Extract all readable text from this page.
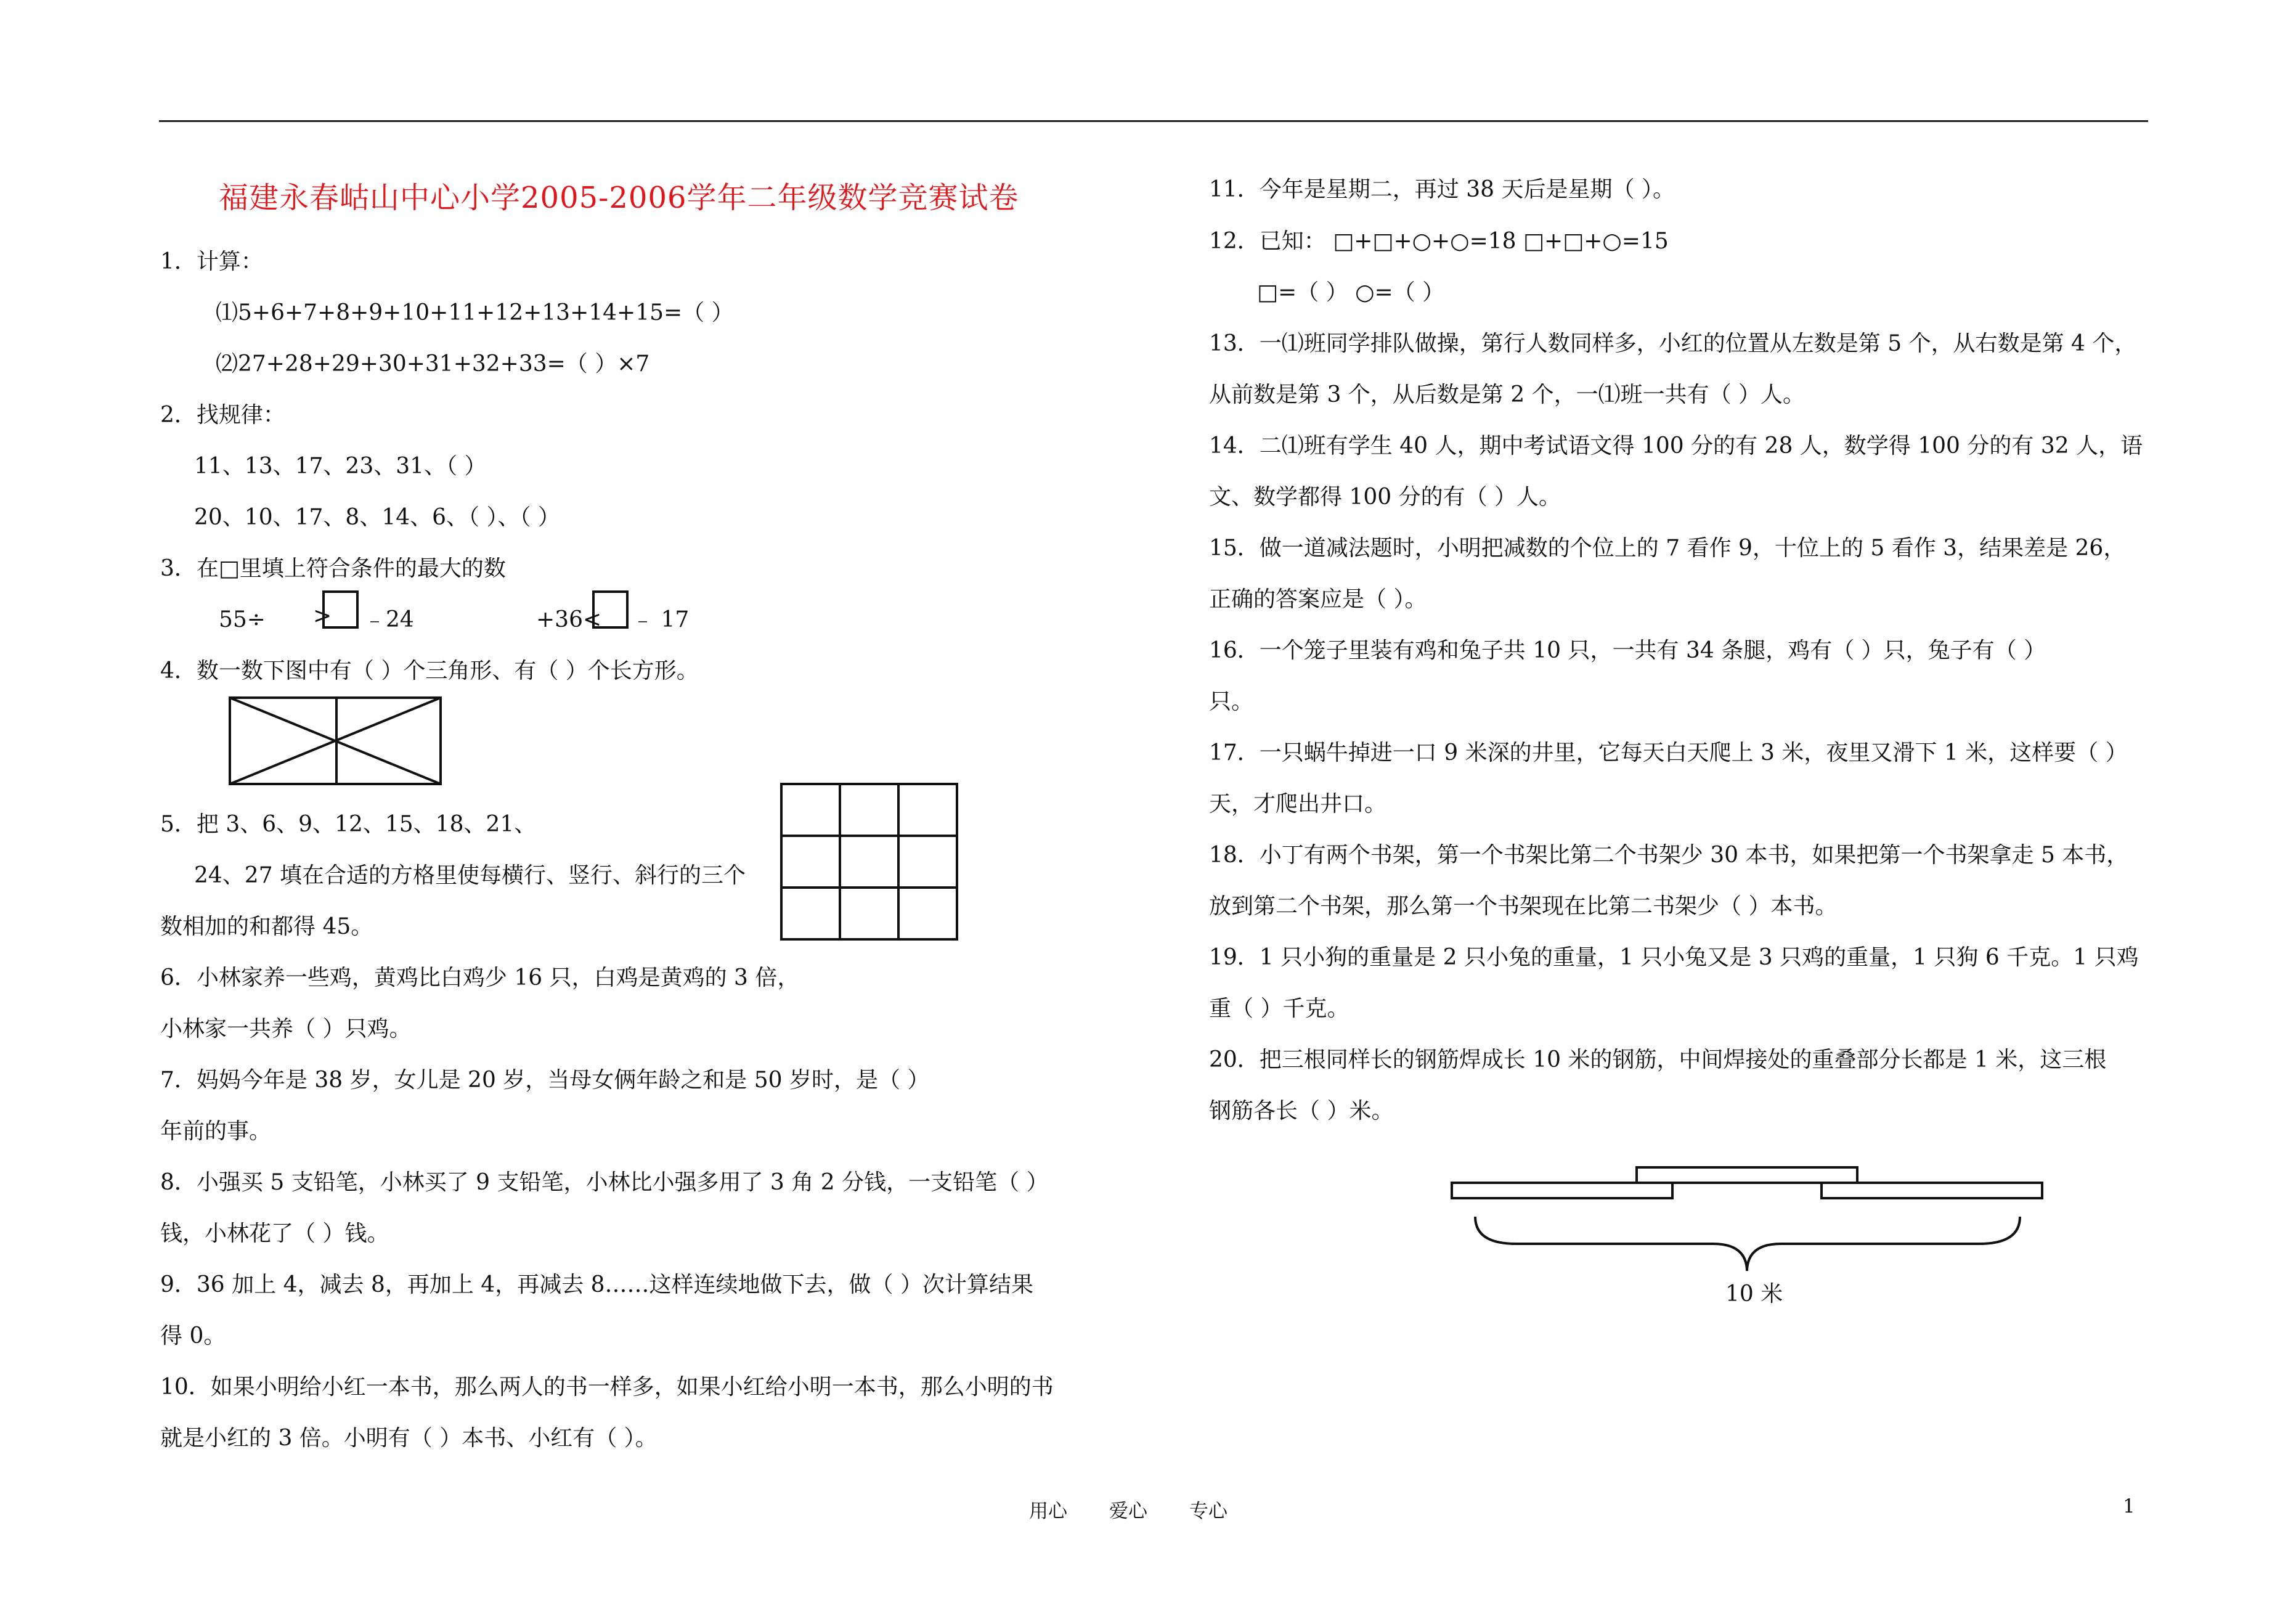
福建永春岵山中心小学2005-2006学年二年级数学竞赛试卷
1．计算：
⑴5+6+7+8+9+10+11+12+13+14+15=（ ）
⑵27+28+29+30+31+32+33=（ ）×7
2．找规律：
11、13、17、23、31、（ ）
20、10、17、8、14、6、（ ）、（ ）
3．在□里填上符合条件的最大的数
55÷ > ﹣24	+36< ﹣ 17
4．数一数下图中有（ ）个三角形、有（ ）个长方形。
5．把 3、6、9、12、15、18、21、
24、27 填在合适的方格里使每横行、竖行、斜行的三个
数相加的和都得 45。
6．小林家养一些鸡，黄鸡比白鸡少 16 只，白鸡是黄鸡的 3 倍，
小林家一共养（ ）只鸡。
7．妈妈今年是 38 岁，女儿是 20 岁，当母女俩年龄之和是 50 岁时，是（ ）
年前的事。
8．小强买 5 支铅笔，小林买了 9 支铅笔，小林比小强多用了 3 角 2 分钱，一支铅笔（ ）
钱，小林花了（ ）钱。
9．36 加上 4，减去 8，再加上 4，再减去 8……这样连续地做下去，做（ ）次计算结果
得 0。
10．如果小明给小红一本书，那么两人的书一样多，如果小红给小明一本书，那么小明的书
就是小红的 3 倍。小明有（ ）本书、小红有（ ）。
11．今年是星期二，再过 38 天后是星期（ ）。
12．已知： □+□+○+○=18 □+□+○=15
□=（ ） ○=（ ）
13．一⑴班同学排队做操，第行人数同样多，小红的位置从左数是第 5 个，从右数是第 4 个，
从前数是第 3 个，从后数是第 2 个，一⑴班一共有（ ）人。
14．二⑴班有学生 40 人，期中考试语文得 100 分的有 28 人，数学得 100 分的有 32 人，语
文、数学都得 100 分的有（ ）人。
15．做一道减法题时，小明把减数的个位上的 7 看作 9，十位上的 5 看作 3，结果差是 26，
正确的答案应是（ ）。
16．一个笼子里装有鸡和兔子共 10 只，一共有 34 条腿，鸡有（ ）只，兔子有（ ）
只。
17．一只蜗牛掉进一口 9 米深的井里，它每天白天爬上 3 米，夜里又滑下 1 米，这样要（ ）
天，才爬出井口。
18．小丁有两个书架，第一个书架比第二个书架少 30 本书，如果把第一个书架拿走 5 本书，
放到第二个书架，那么第一个书架现在比第二书架少（ ）本书。
19．1 只小狗的重量是 2 只小兔的重量，1 只小兔又是 3 只鸡的重量，1 只狗 6 千克。1 只鸡
重（ ）千克。
20．把三根同样长的钢筋焊成长 10 米的钢筋，中间焊接处的重叠部分长都是 1 米，这三根
钢筋各长（ ）米。
10 米
用心 爱心 专心	1
